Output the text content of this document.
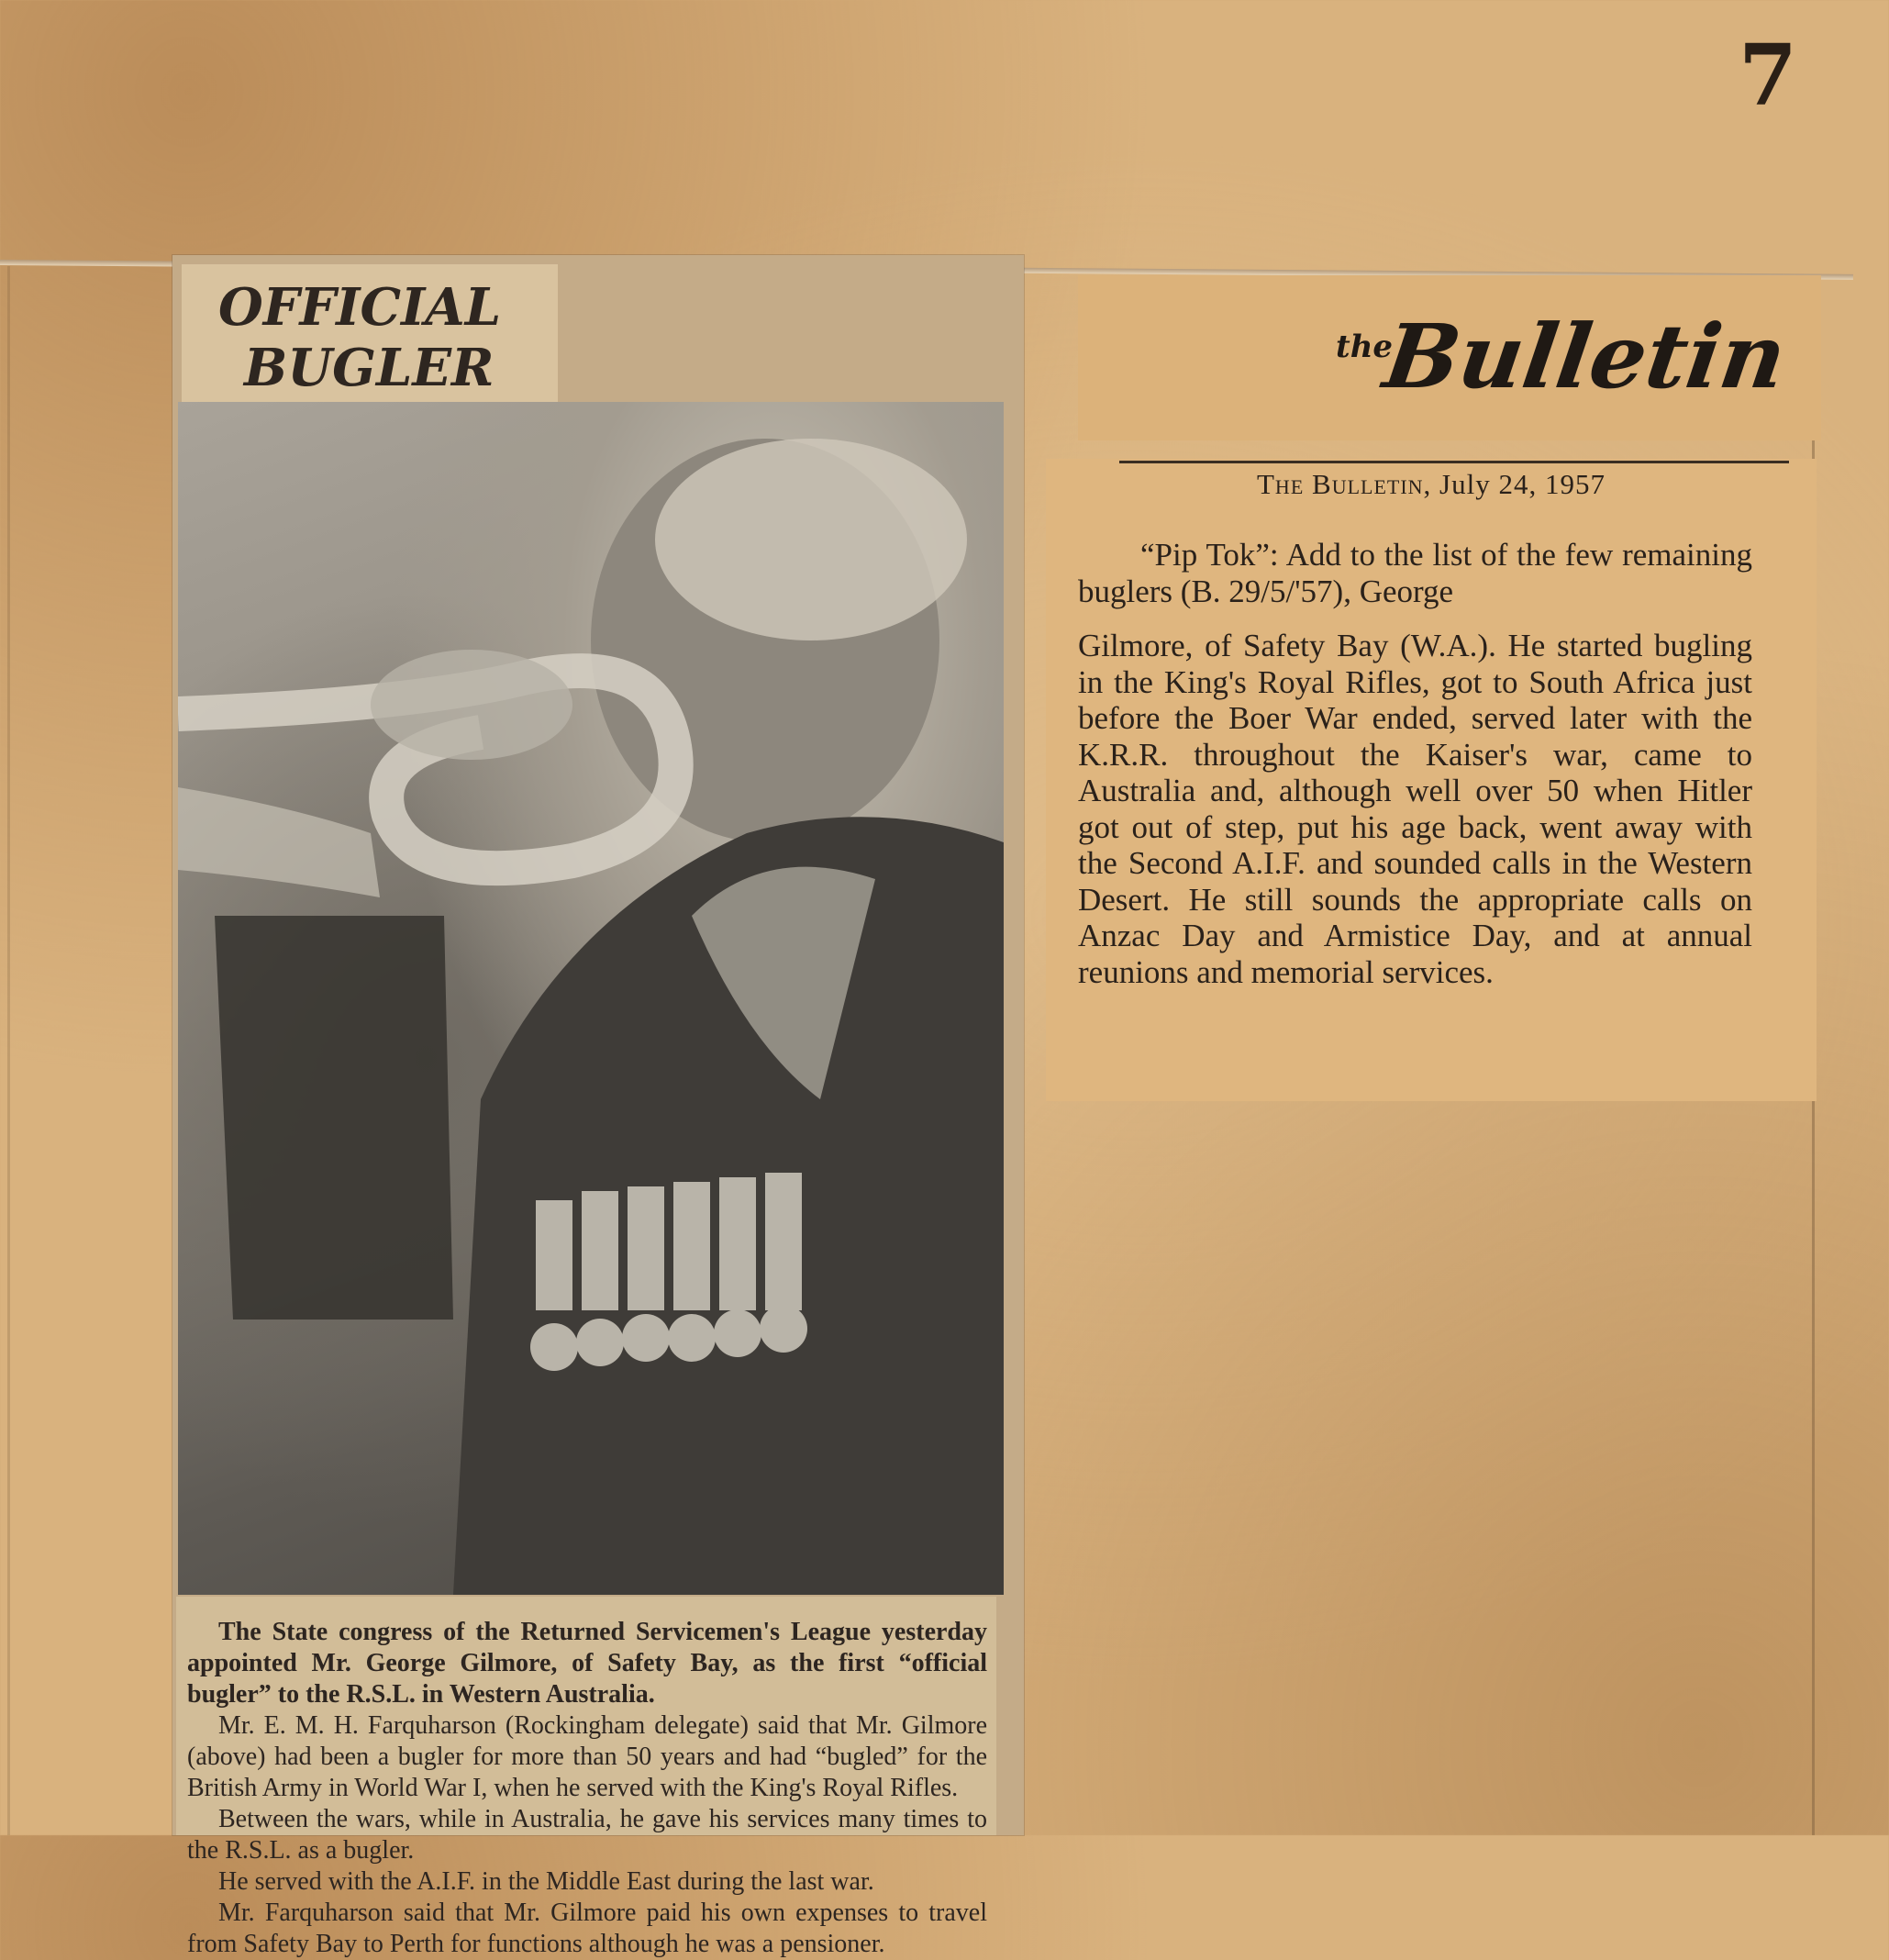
7
OFFICIAL
BUGLER

The State congress of the Returned Servicemen's League yesterday appointed Mr. George Gilmore, of Safety Bay, as the first “official bugler” to the R.S.L. in Western Australia.

Mr. E. M. H. Farquharson (Rockingham delegate) said that Mr. Gilmore (above) had been a bugler for more than 50 years and had “bugled” for the British Army in World War I, when he served with the King's Royal Rifles.

Between the wars, while in Australia, he gave his services many times to the R.S.L. as a bugler.

He served with the A.I.F. in the Middle East during the last war.

Mr. Farquharson said that Mr. Gilmore paid his own expenses to travel from Safety Bay to Perth for functions although he was a pensioner.

the
Bulletin
The Bulletin, July 24, 1957

“Pip Tok”: Add to the list of the few remaining buglers (B. 29/5/'57), George

Gilmore, of Safety Bay (W.A.). He started bugling in the King's Royal Rifles, got to South Africa just before the Boer War ended, served later with the K.R.R. throughout the Kaiser's war, came to Australia and, although well over 50 when Hitler got out of step, put his age back, went away with the Second A.I.F. and sounded calls in the Western Desert. He still sounds the appropriate calls on Anzac Day and Armistice Day, and at annual reunions and memorial services.
